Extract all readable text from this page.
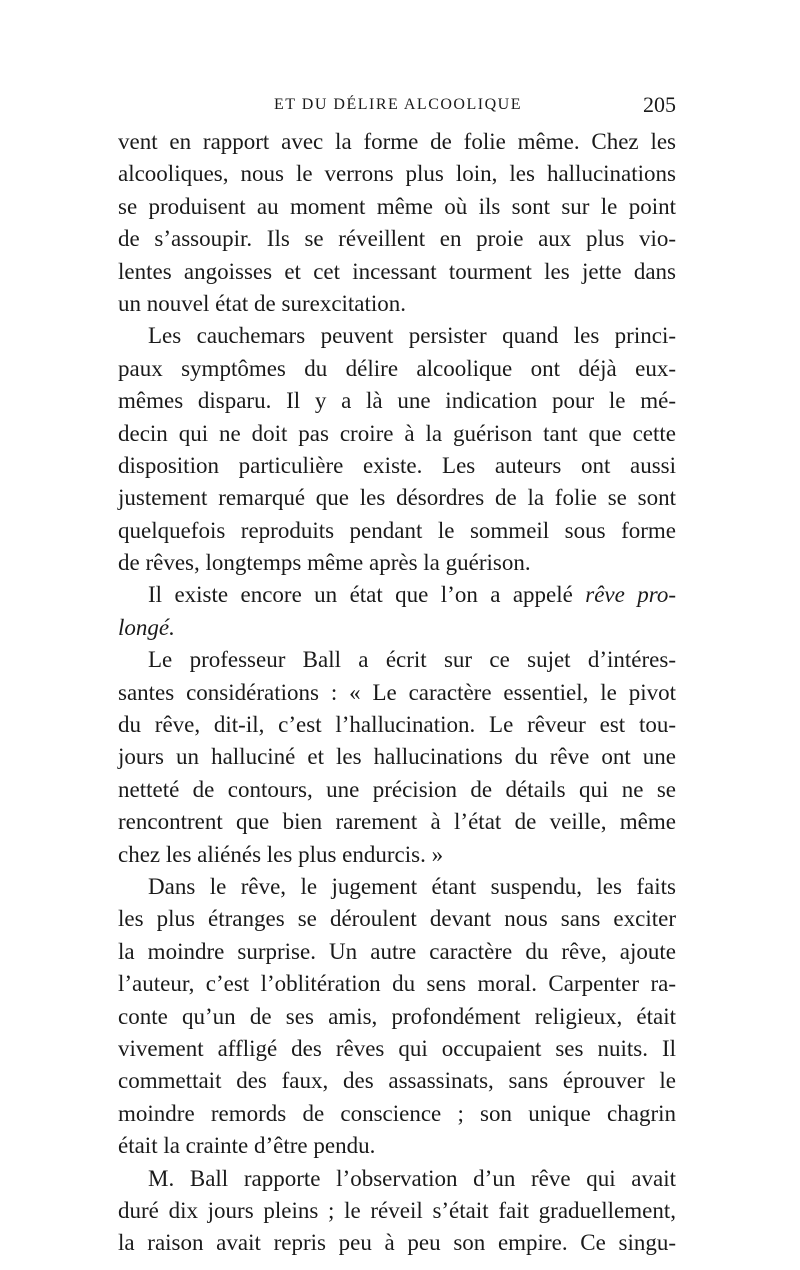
ET DU DÉLIRE ALCOOLIQUE	205
vent en rapport avec la forme de folie même. Chez les
alcooliques, nous le verrons plus loin, les hallucinations
se produisent au moment même où ils sont sur le point
de s’assoupir. Ils se réveillent en proie aux plus vio-
lentes angoisses et cet incessant tourment les jette dans
un nouvel état de surexcitation.
Les cauchemars peuvent persister quand les princi-
paux symptômes du délire alcoolique ont déjà eux-
mêmes disparu. Il y a là une indication pour le mé-
decin qui ne doit pas croire à la guérison tant que cette
disposition particulière existe. Les auteurs ont aussi
justement remarqué que les désordres de la folie se sont
quelquefois reproduits pendant le sommeil sous forme
de rêves, longtemps même après la guérison.
Il existe encore un état que l’on a appelé rêve pro-
longé.
Le professeur Ball a écrit sur ce sujet d’intéres-
santes considérations : « Le caractère essentiel, le pivot
du rêve, dit-il, c’est l’hallucination. Le rêveur est tou-
jours un halluciné et les hallucinations du rêve ont une
netteté de contours, une précision de détails qui ne se
rencontrent que bien rarement à l’état de veille, même
chez les aliénés les plus endurcis. »
Dans le rêve, le jugement étant suspendu, les faits
les plus étranges se déroulent devant nous sans exciter
la moindre surprise. Un autre caractère du rêve, ajoute
l’auteur, c’est l’oblitération du sens moral. Carpenter ra-
conte qu’un de ses amis, profondément religieux, était
vivement affligé des rêves qui occupaient ses nuits. Il
commettait des faux, des assassinats, sans éprouver le
moindre remords de conscience ; son unique chagrin
était la crainte d’être pendu.
M. Ball rapporte l’observation d’un rêve qui avait
duré dix jours pleins ; le réveil s’était fait graduellement,
la raison avait repris peu à peu son empire. Ce singu-
